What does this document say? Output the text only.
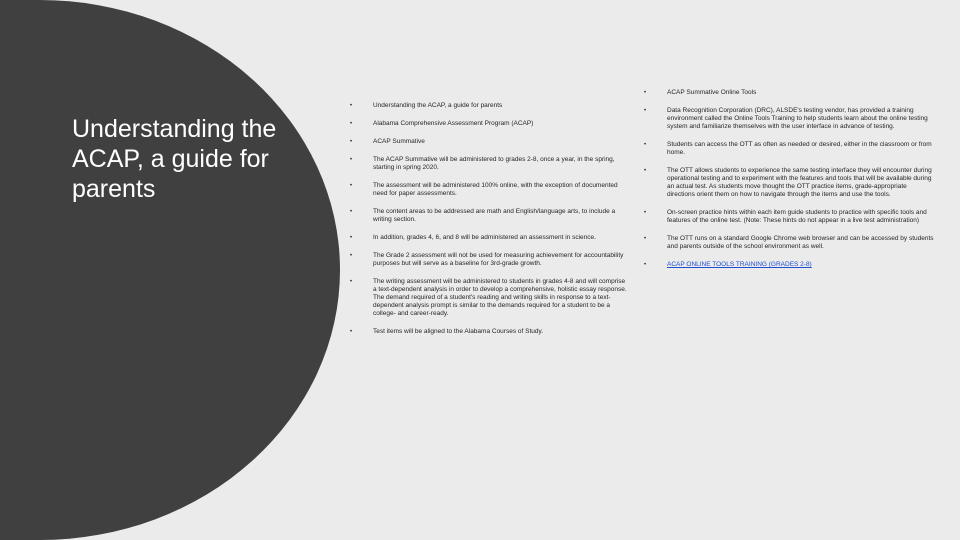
Understanding the ACAP, a guide for parents
• Understanding the ACAP, a guide for parents
• Alabama Comprehensive Assessment Program (ACAP)
• ACAP Summative
• The ACAP Summative will be administered to grades 2-8, once a year, in the spring, starting in spring 2020.
• The assessment will be administered 100% online, with the exception of documented need for paper assessments.
• The content areas to be addressed are math and English/language arts, to include a writing section.
• In addition, grades 4, 6, and 8 will be administered an assessment in science.
• The Grade 2 assessment will not be used for measuring achievement for accountability purposes but will serve as a baseline for 3rd-grade growth.
• The writing assessment will be administered to students in grades 4-8 and will comprise a text-dependent analysis in order to develop a comprehensive, holistic essay response. The demand required of a student's reading and writing skills in response to a text-dependent analysis prompt is similar to the demands required for a student to be a college- and career-ready.
• Test items will be aligned to the Alabama Courses of Study.
• ACAP Summative Online Tools
• Data Recognition Corporation (DRC), ALSDE's testing vendor, has provided a training environment called the Online Tools Training to help students learn about the online testing system and familiarize themselves with the user interface in advance of testing.
• Students can access the OTT as often as needed or desired, either in the classroom or from home.
• The OTT allows students to experience the same testing interface they will encounter during operational testing and to experiment with the features and tools that will be available during an actual test. As students move thought the OTT practice items, grade-appropriate directions orient them on how to navigate through the items and use the tools.
• On-screen practice hints within each item guide students to practice with specific tools and features of the online test. (Note: These hints do not appear in a live test administration)
• The OTT runs on a standard Google Chrome web browser and can be accessed by students and parents outside of the school environment as well.
• ACAP ONLINE TOOLS TRAINING (GRADES 2-8)
